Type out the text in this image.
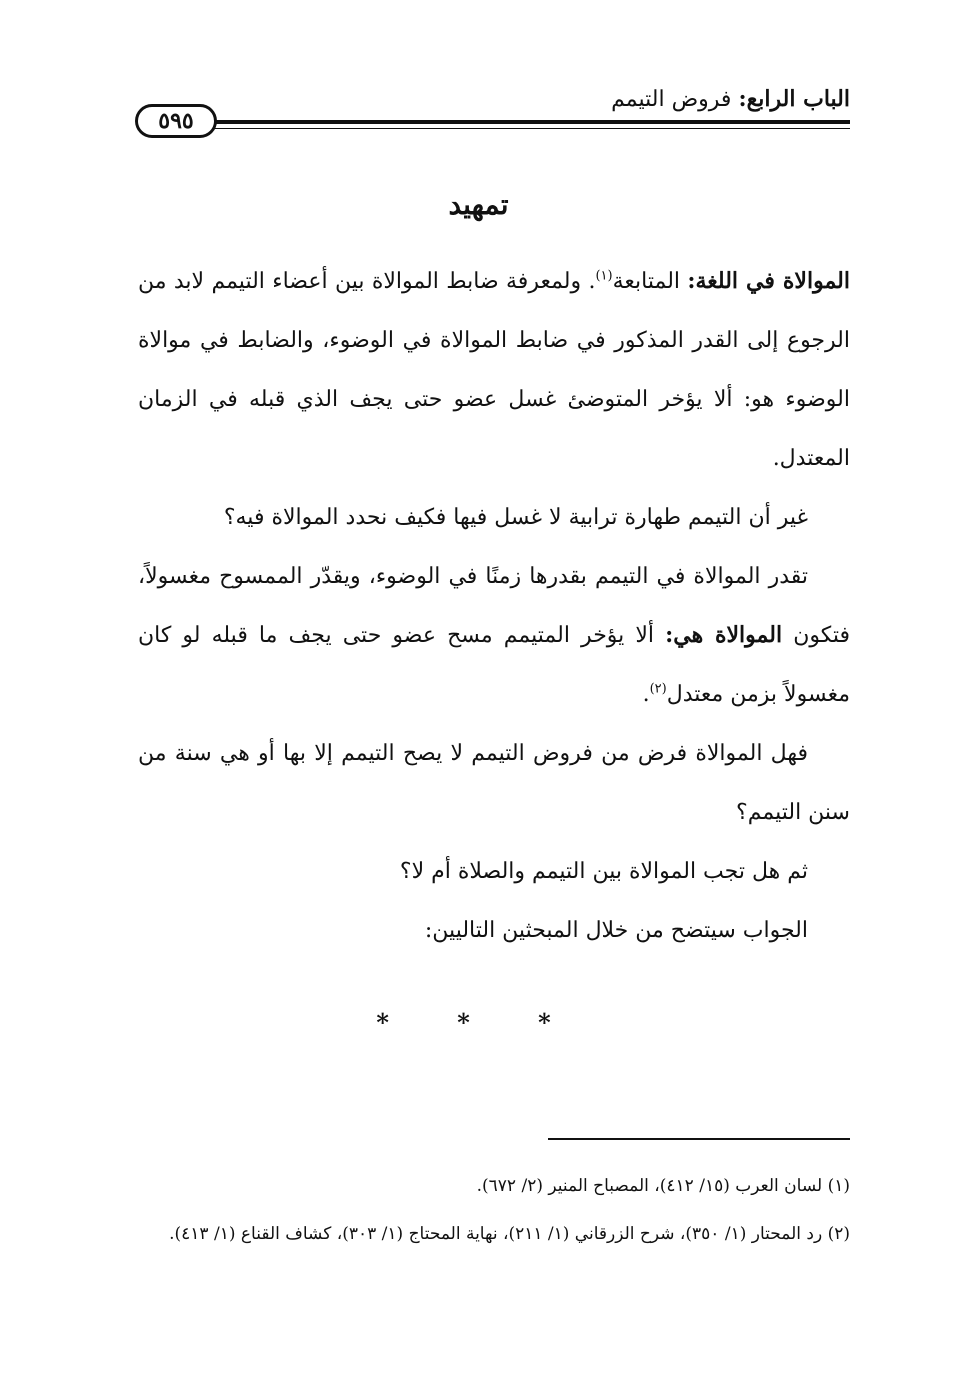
٥٩٥
الباب الرابع: فروض التيمم
تمهيد

الموالاة في اللغة: المتابعة$^{(١)}$. ولمعرفة ضابط الموالاة بين أعضاء التيمم لابد من الرجوع إلى القدر المذكور في ضابط الموالاة في الوضوء، والضابط في موالاة الوضوء هو: ألا يؤخر المتوضئ غسل عضو حتى يجف الذي قبله في الزمان المعتدل.

غير أن التيمم طهارة ترابية لا غسل فيها فكيف نحدد الموالاة فيه؟

تقدر الموالاة في التيمم بقدرها زمنًا في الوضوء، ويقدّر الممسوح مغسولاً، فتكون الموالاة هي: ألا يؤخر المتيمم مسح عضو حتى يجف ما قبله لو كان مغسولاً بزمن معتدل$^{(٢)}$.

فهل الموالاة فرض من فروض التيمم لا يصح التيمم إلا بها أو هي سنة من سنن التيمم؟

ثم هل تجب الموالاة بين التيمم والصلاة أم لا؟

الجواب سيتضح من خلال المبحثين التاليين:

* * *

(١) لسان العرب (١٥/ ٤١٢)، المصباح المنير (٢/ ٦٧٢).

(٢) رد المحتار (١/ ٣٥٠)، شرح الزرقاني (١/ ٢١١)، نهاية المحتاج (١/ ٣٠٣)، كشاف القناع (١/ ٤١٣).
